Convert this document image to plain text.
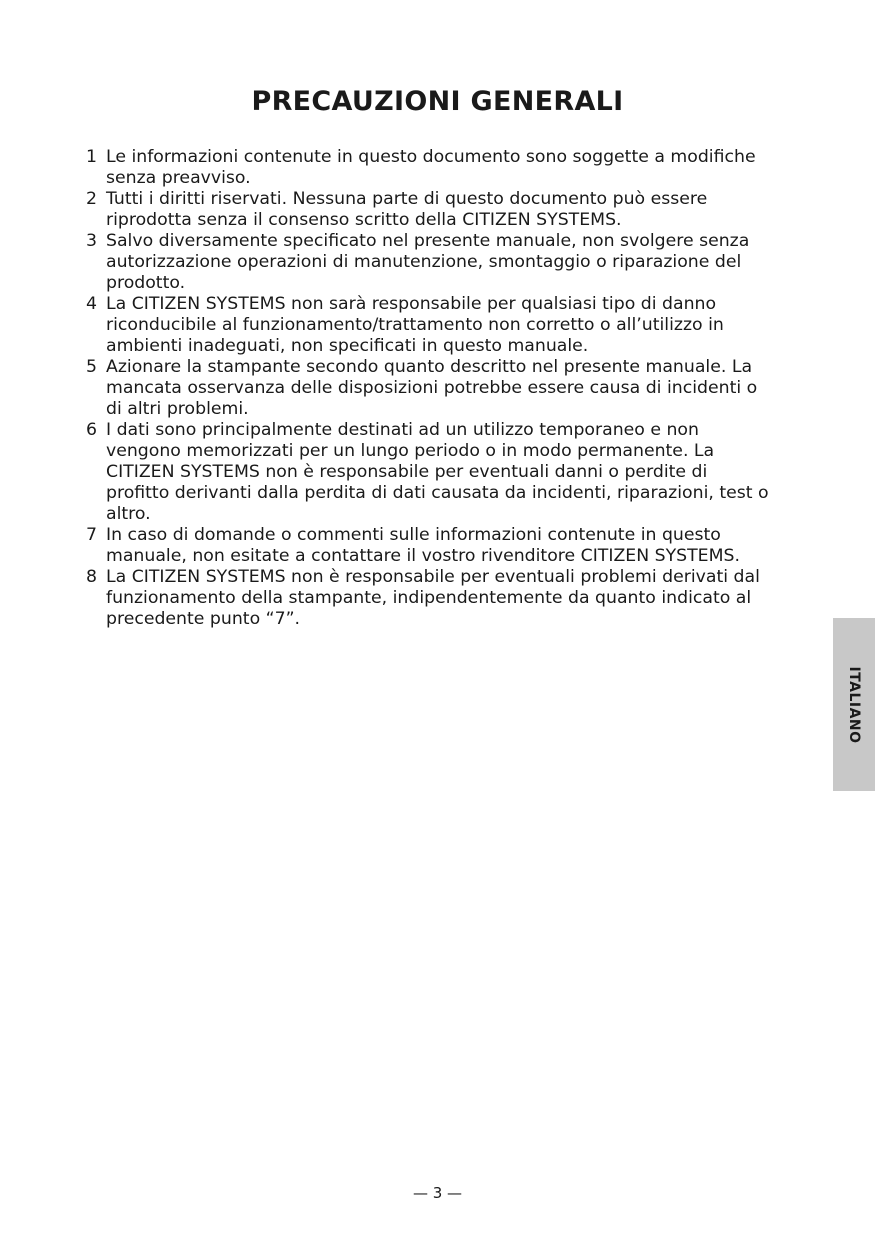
PRECAUZIONI GENERALI
1 Le informazioni contenute in questo documento sono soggette a modifiche
senza preavviso.
2 Tutti i diritti riservati. Nessuna parte di questo documento può essere
riprodotta senza il consenso scritto della CITIZEN SYSTEMS.
3 Salvo diversamente specificato nel presente manuale, non svolgere senza
autorizzazione operazioni di manutenzione, smontaggio o riparazione del
prodotto.
4 La CITIZEN SYSTEMS non sarà responsabile per qualsiasi tipo di danno
riconducibile al funzionamento/trattamento non corretto o all’utilizzo in
ambienti inadeguati, non specificati in questo manuale.
5 Azionare la stampante secondo quanto descritto nel presente manuale. La
mancata osservanza delle disposizioni potrebbe essere causa di incidenti o
di altri problemi.
6 I dati sono principalmente destinati ad un utilizzo temporaneo e non
vengono memorizzati per un lungo periodo o in modo permanente. La
CITIZEN SYSTEMS non è responsabile per eventuali danni o perdite di
profitto derivanti dalla perdita di dati causata da incidenti, riparazioni, test o
altro.
7 In caso di domande o commenti sulle informazioni contenute in questo
manuale, non esitate a contattare il vostro rivenditore CITIZEN SYSTEMS.
8 La CITIZEN SYSTEMS non è responsabile per eventuali problemi derivati dal
funzionamento della stampante, indipendentemente da quanto indicato al
precedente punto “7”.
ITALIANO
— 3 —
